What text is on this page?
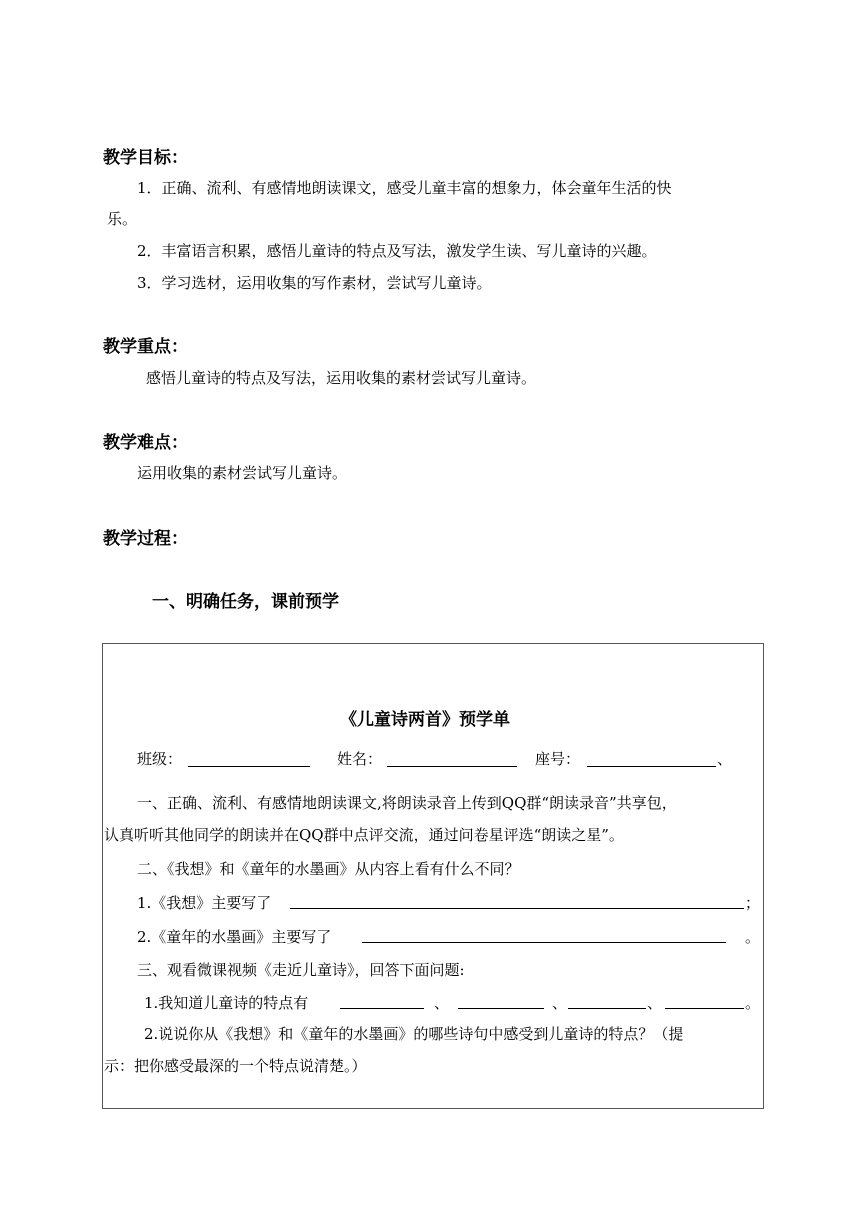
教学目标：
1．正确、流利、有感情地朗读课文，感受儿童丰富的想象力，体会童年生活的快
乐。
2．丰富语言积累，感悟儿童诗的特点及写法，激发学生读、写儿童诗的兴趣。
3．学习选材，运用收集的写作素材，尝试写儿童诗。
教学重点：
感悟儿童诗的特点及写法，运用收集的素材尝试写儿童诗。
教学难点：
运用收集的素材尝试写儿童诗。
教学过程：
一、明确任务，课前预学
《儿童诗两首》预学单
班级：	姓名：	座号：	、
一、正确、流利、有感情地朗读课文,将朗读录音上传到QQ群“朗读录音”共享包，
认真听听其他同学的朗读并在QQ群中点评交流，通过问卷星评选“朗读之星”。
二、《我想》和《童年的水墨画》从内容上看有什么不同？
1.《我想》主要写了	；
2.《童年的水墨画》主要写了	。
三、观看微课视频《走近儿童诗》，回答下面问题:
1.我知道儿童诗的特点有	、	、	、	。
2.说说你从《我想》和《童年的水墨画》的哪些诗句中感受到儿童诗的特点？（提
示：把你感受最深的一个特点说清楚。）
